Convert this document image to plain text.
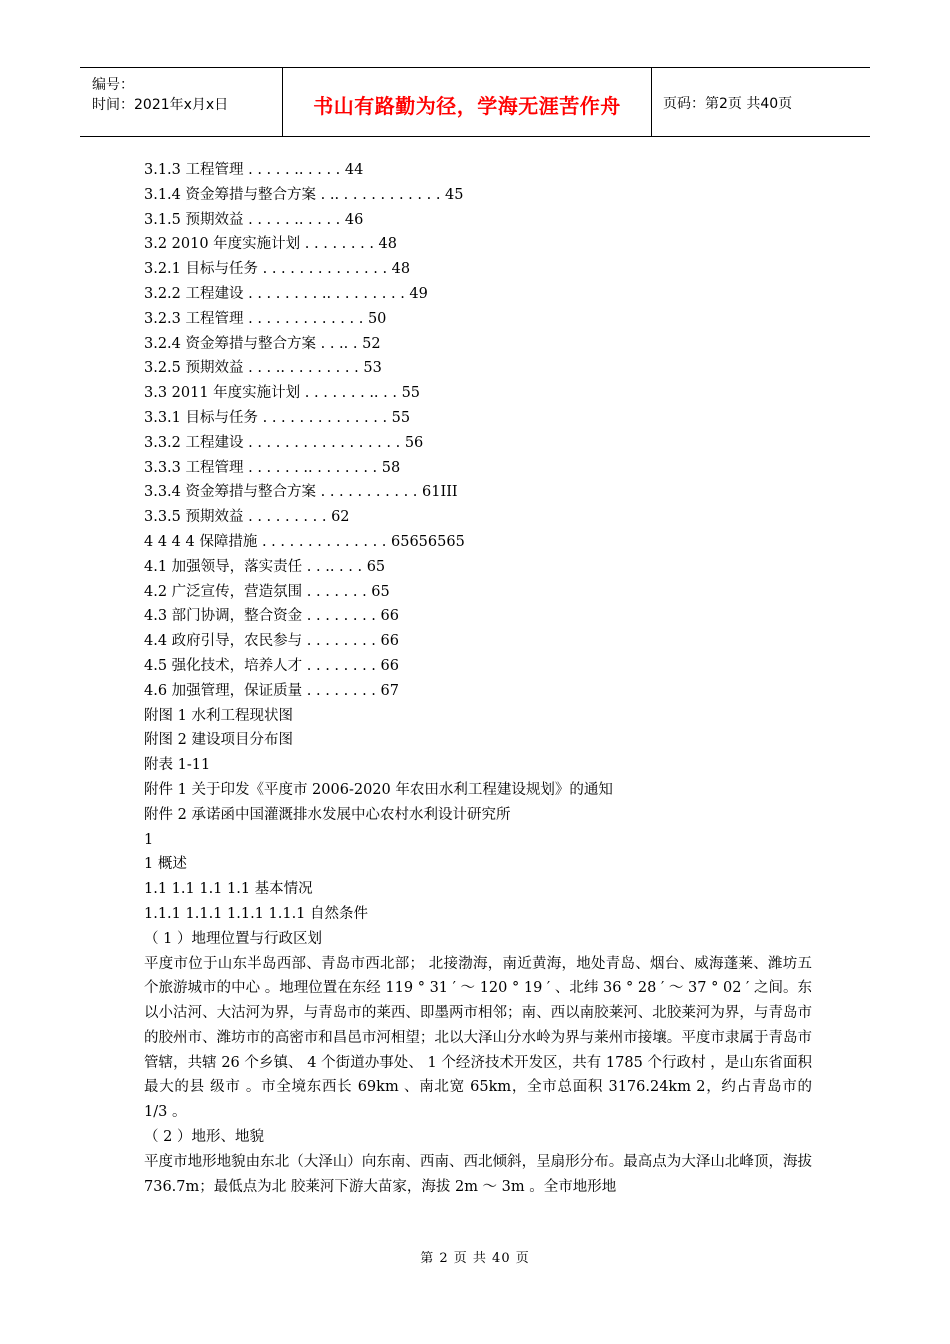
编号：
时间：2021年x月x日	书山有路勤为径，学海无涯苦作舟	页码：第2页 共40页
3.1.3 工程管理 . . . . . .. . . . . 44
3.1.4 资金筹措与整合方案 . .. . . . . . . . . . . . 45
3.1.5 预期效益 . . . . . .. . . . . 46
3.2 2010 年度实施计划 . . . . . . . . 48
3.2.1 目标与任务 . . . . . . . . . . . . . . 48
3.2.2 工程建设 . . . . . . . . .. . . . . . . . . 49
3.2.3 工程管理 . . . . . . . . . . . . . 50
3.2.4 资金筹措与整合方案 . . .. . 52
3.2.5 预期效益 . . . .. . . . . . . . . 53
3.3 2011 年度实施计划 . . . . . . . .. . . 55
3.3.1 目标与任务 . . . . . . . . . . . . . . 55
3.3.2 工程建设 . . . . . . . . . . . . . . . . . 56
3.3.3 工程管理 . . . . . . .. . . . . . . . 58
3.3.4 资金筹措与整合方案 . . . . . . . . . . . 61III
3.3.5 预期效益 . . . . . . . . . 62
4 4 4 4 保障措施 . . . . . . . . . . . . . . 65656565
4.1 加强领导，落实责任 . . .. . . . 65
4.2 广泛宣传，营造氛围 . . . . . . . 65
4.3 部门协调，整合资金 . . . . . . . . 66
4.4 政府引导，农民参与 . . . . . . . . 66
4.5 强化技术，培养人才 . . . . . . . . 66
4.6 加强管理，保证质量 . . . . . . . . 67
附图 1 水利工程现状图
附图 2 建设项目分布图
附表 1-11
附件 1 关于印发《平度市 2006-2020 年农田水利工程建设规划》的通知
附件 2 承诺函中国灌溉排水发展中心农村水利设计研究所
1
1 概述
1.1 1.1 1.1 1.1 基本情况
1.1.1 1.1.1 1.1.1 1.1.1 自然条件
（ 1 ）地理位置与行政区划
平度市位于山东半岛西部、青岛市西北部； 北接渤海，南近黄海，地处青岛、烟台、威海蓬莱、潍坊五个旅游城市的中心 。地理位置在东经 119 ° 31 ′ ～ 120 ° 19 ′ 、北纬 36 ° 28 ′ ～ 37 ° 02 ′ 之间。东以小沽河、大沽河为界，与青岛市的莱西、即墨两市相邻；南、西以南胶莱河、北胶莱河为界，与青岛市的胶州市、潍坊市的高密市和昌邑市河相望；北以大泽山分水岭为界与莱州市接壤。平度市隶属于青岛市管辖，共辖 26 个乡镇、 4 个街道办事处、 1 个经济技术开发区，共有 1785 个行政村 ，是山东省面积最大的县 级市 。市全境东西长 69km 、南北宽 65km，全市总面积 3176.24km 2，约占青岛市的 1/3 。
（ 2 ）地形、地貌
平度市地形地貌由东北（大泽山）向东南、西南、西北倾斜，呈扇形分布。最高点为大泽山北峰顶，海拔 736.7m；最低点为北 胶莱河下游大苗家，海拔 2m ～ 3m 。全市地形地
第 2 页 共 40 页
